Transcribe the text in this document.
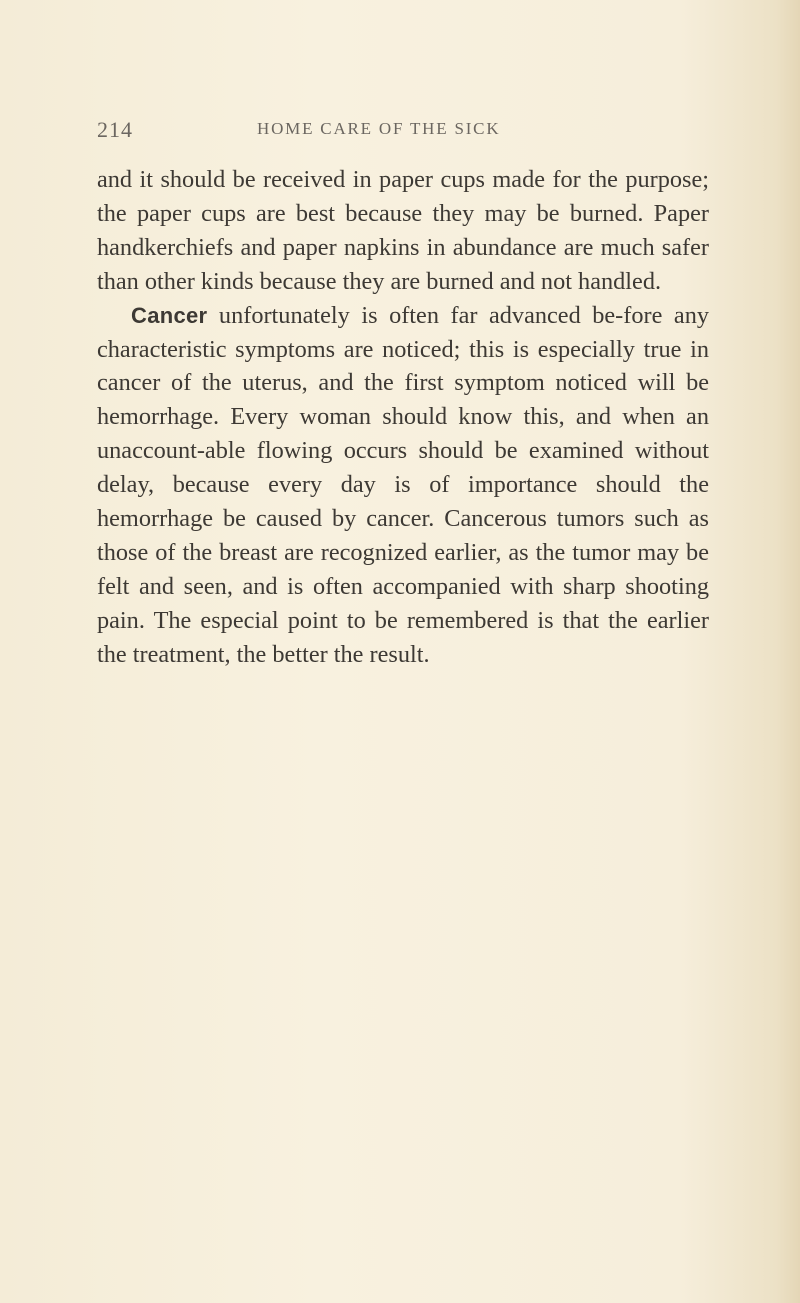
214	HOME CARE OF THE SICK

and it should be received in paper cups made for the purpose; the paper cups are best because they may be burned. Paper handkerchiefs and paper napkins in abundance are much safer than other kinds because they are burned and not handled.

Cancer unfortunately is often far advanced be-fore any characteristic symptoms are noticed; this is especially true in cancer of the uterus, and the first symptom noticed will be hemorrhage. Every woman should know this, and when an unaccount-able flowing occurs should be examined without delay, because every day is of importance should the hemorrhage be caused by cancer. Cancerous tumors such as those of the breast are recognized earlier, as the tumor may be felt and seen, and is often accompanied with sharp shooting pain. The especial point to be remembered is that the earlier the treatment, the better the result.
